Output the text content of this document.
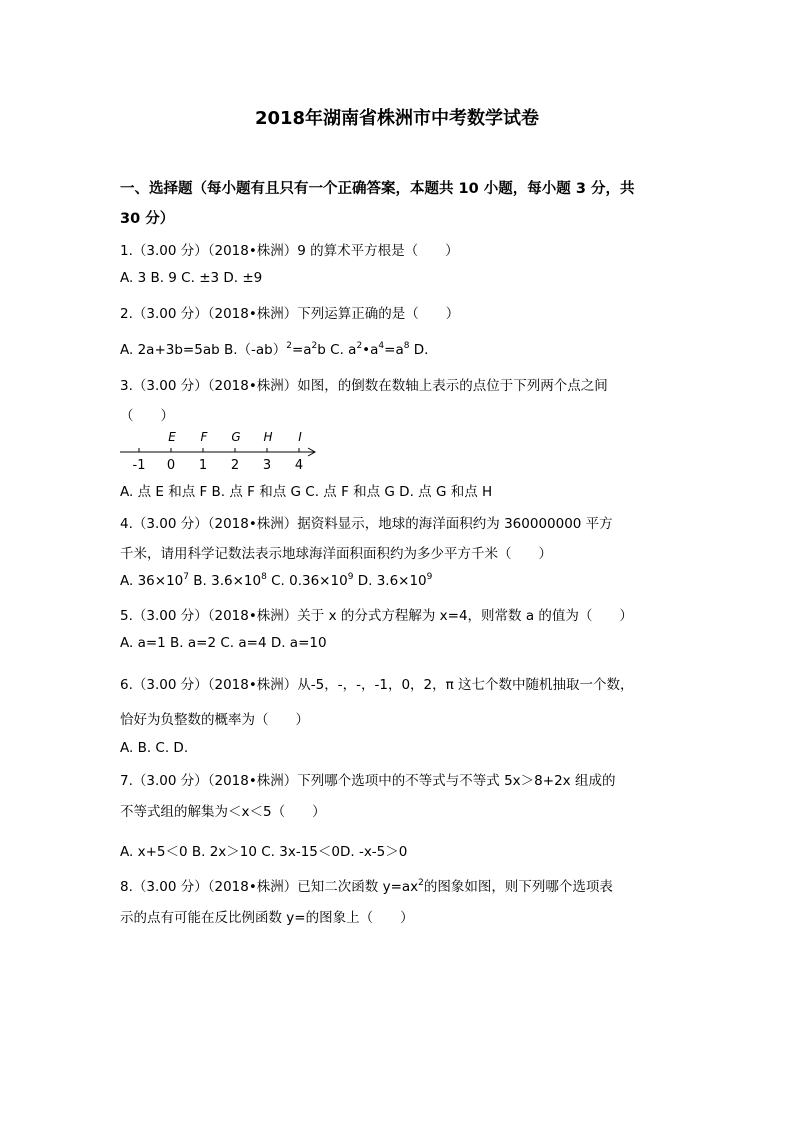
2018年湖南省株洲市中考数学试卷
一、选择题（每小题有且只有一个正确答案，本题共 10 小题，每小题 3 分，共
30 分）
1.（3.00 分）（2018•株洲）9 的算术平方根是（　　）
A. 3 B. 9 C. ±3 D. ±9
2.（3.00 分）（2018•株洲）下列运算正确的是（　　）
A. 2a+3b=5ab $B.(-ab)^2=a^2b$ C. $a^2•a^4=a^8$ D.
3.（3.00 分）（2018•株洲）如图，的倒数在数轴上表示的点位于下列两个点之间
（　　）
E F G H I
-1 0 1 2 3 4
A. 点 E 和点 F B. 点 F 和点 G C. 点 F 和点 G D. 点 G 和点 H
4.（3.00 分）（2018•株洲）据资料显示，地球的海洋面积约为 360000000 平方
千米，请用科学记数法表示地球海洋面积面积约为多少平方千米（　　）
A. $36\times 10^7$ B. $3.6\times 10^8$ C. $0.36\times 10^9$ D. $3.6\times 10^9$
5.（3.00 分）（2018•株洲）关于 x 的分式方程解为 x=4，则常数 a 的值为（　　）
A. a=1 B. a=2 C. a=4 D. a=10
6.（3.00 分）（2018•株洲）从-5，-，-，-1，0，2，π 这七个数中随机抽取一个数，
恰好为负整数的概率为（　　）
A. B. C. D.
7.（3.00 分）（2018•株洲）下列哪个选项中的不等式与不等式 5x＞8+2x 组成的
不等式组的解集为＜x＜5（　　）
A. x+5＜0 B. 2x＞10 C. 3x-15＜0D. -x-5＞0
8.（3.00 分）（2018•株洲）已知二次函数 $y=ax^2$的图象如图，则下列哪个选项表
示的点有可能在反比例函数 y=的图象上（　　）
